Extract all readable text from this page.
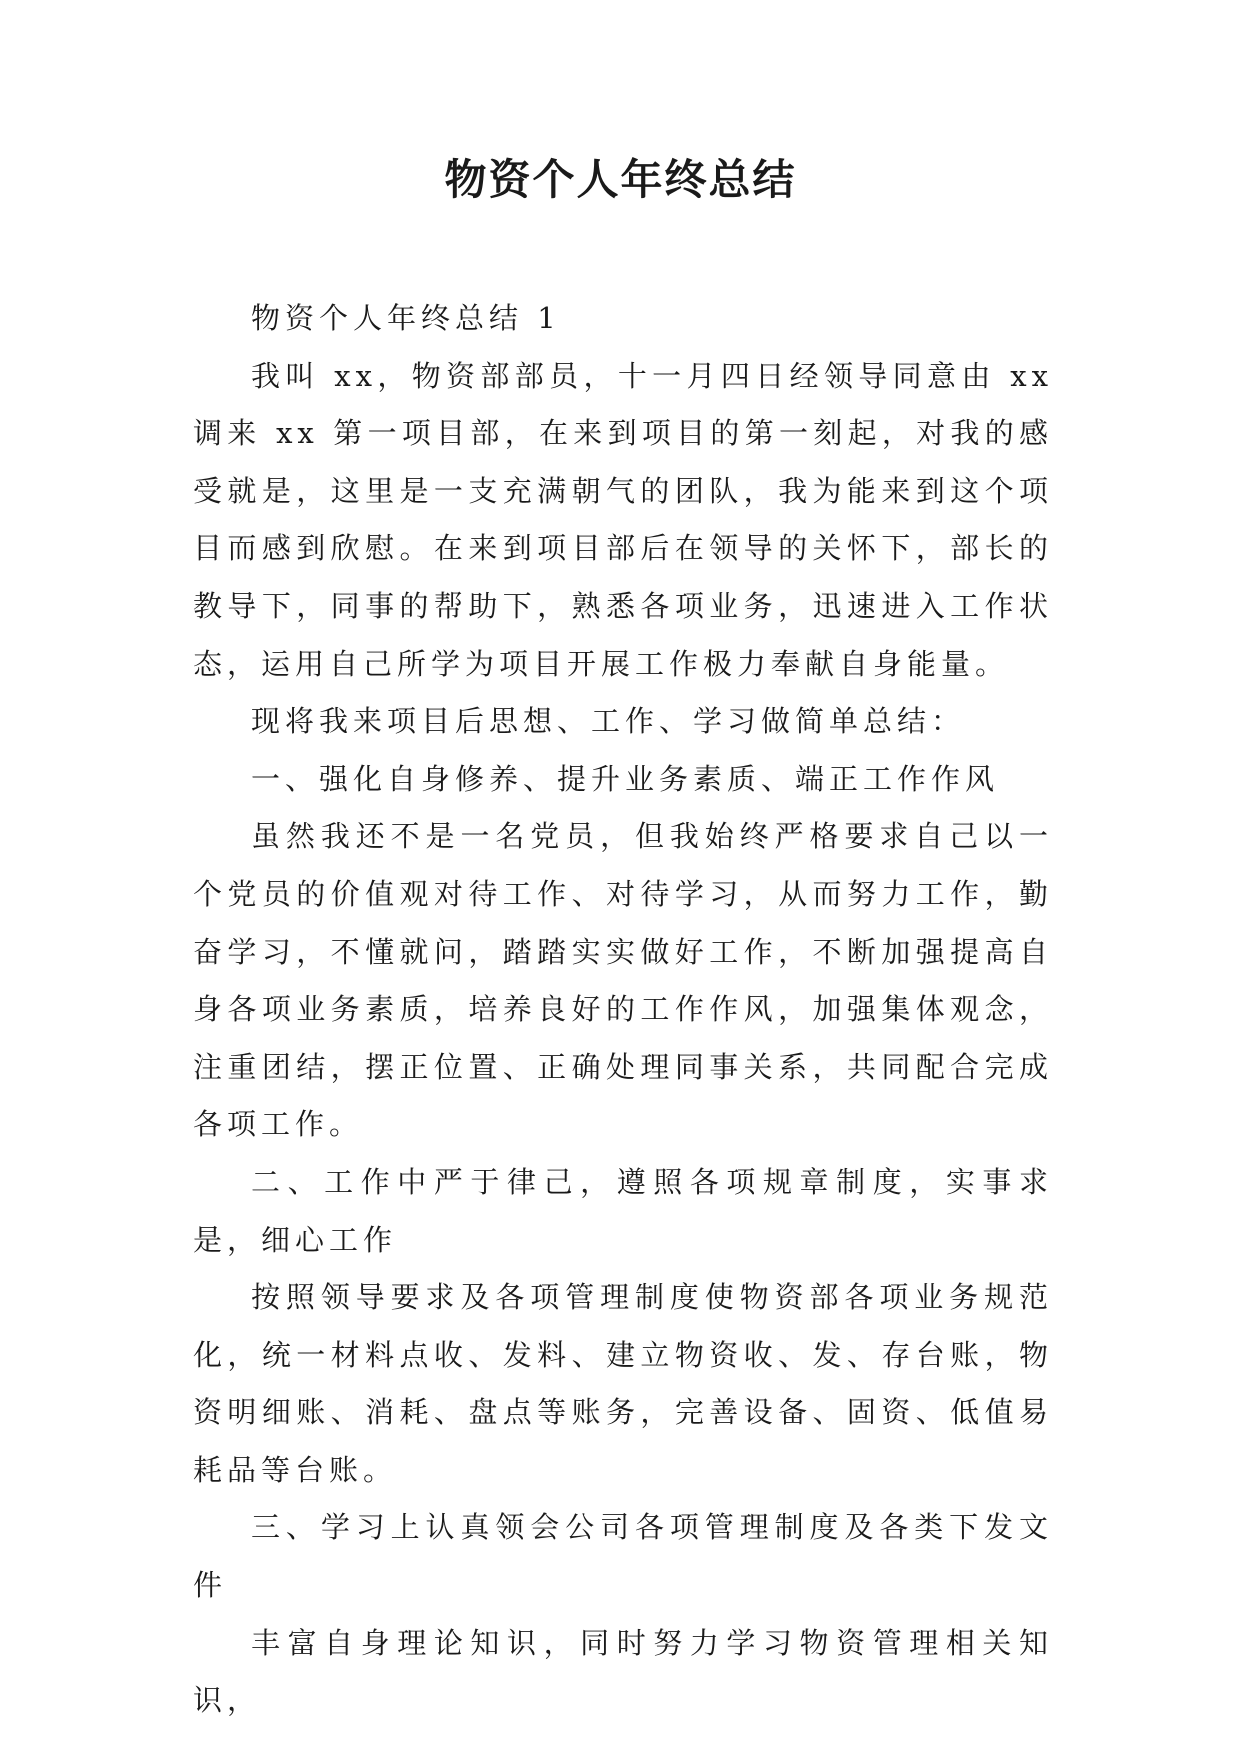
物资个人年终总结

物资个人年终总结 1

我叫 xx，物资部部员，十一月四日经领导同意由 xx 调来 xx 第一项目部，在来到项目的第一刻起，对我的感受就是，这里是一支充满朝气的团队，我为能来到这个项目而感到欣慰。在来到项目部后在领导的关怀下，部长的教导下，同事的帮助下，熟悉各项业务，迅速进入工作状态，运用自己所学为项目开展工作极力奉献自身能量。

现将我来项目后思想、工作、学习做简单总结：

一、强化自身修养、提升业务素质、端正工作作风

虽然我还不是一名党员，但我始终严格要求自己以一个党员的价值观对待工作、对待学习，从而努力工作，勤奋学习，不懂就问，踏踏实实做好工作，不断加强提高自身各项业务素质，培养良好的工作作风，加强集体观念，注重团结，摆正位置、正确处理同事关系，共同配合完成各项工作。

二、工作中严于律己，遵照各项规章制度，实事求是，细心工作

按照领导要求及各项管理制度使物资部各项业务规范化，统一材料点收、发料、建立物资收、发、存台账，物资明细账、消耗、盘点等账务，完善设备、固资、低值易耗品等台账。

三、学习上认真领会公司各项管理制度及各类下发文件

丰富自身理论知识，同时努力学习物资管理相关知识，
